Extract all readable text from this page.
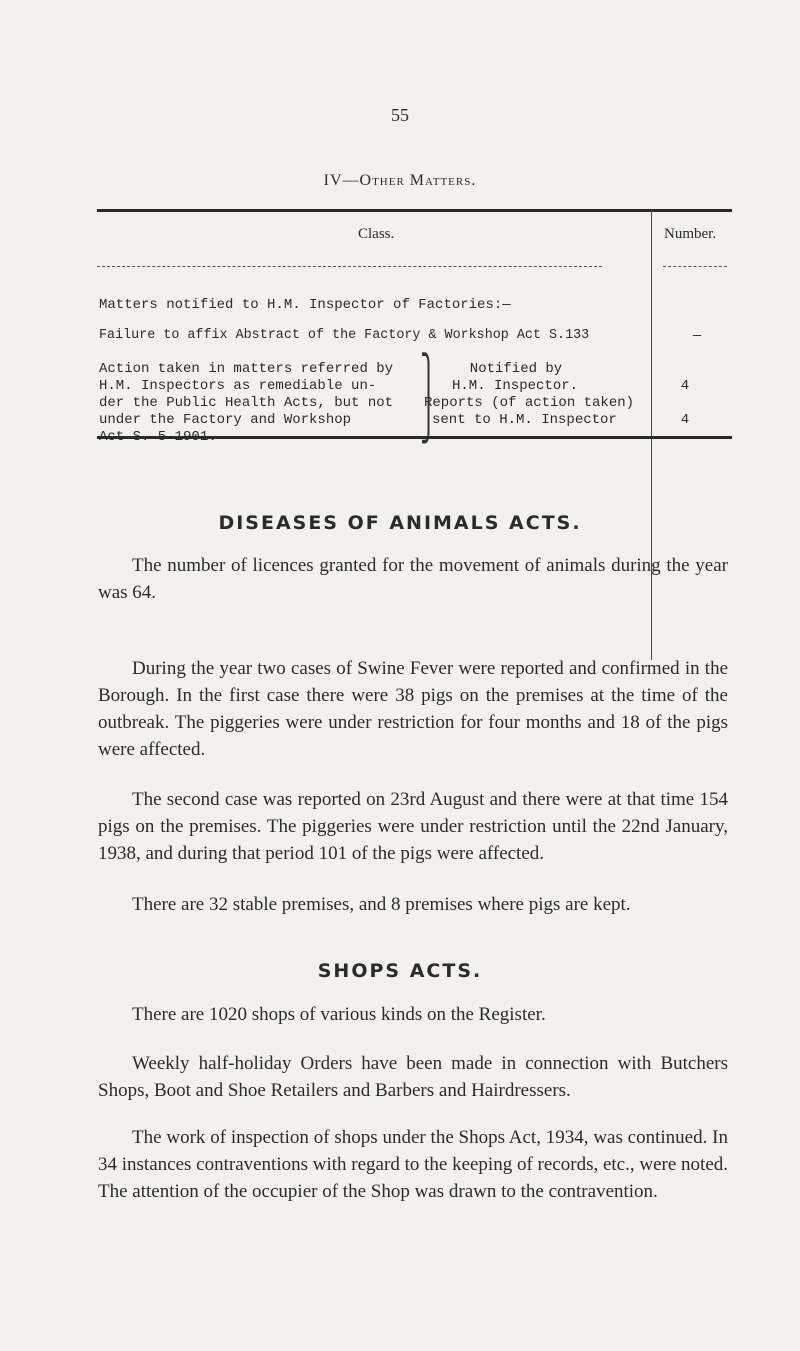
55
IV—Other Matters.
Class.	Number.
Matters notified to H.M. Inspector of Factories:—
Failure to affix Abstract of the Factory & Workshop Act S.133	—
Action taken in matters referred by
H.M. Inspectors as remediable un-
der the Public Health Acts, but not
under the Factory and Workshop
Act S. 5 1901.
⎫
⎭
Notified by
H.M. Inspector.	4
Reports (of action taken)
sent to H.M. Inspector	4
DISEASES OF ANIMALS ACTS.
The number of licences granted for the movement of animals during the year was 64.
During the year two cases of Swine Fever were reported and confirmed in the Borough. In the first case there were 38 pigs on the premises at the time of the outbreak. The piggeries were under restriction for four months and 18 of the pigs were affected.
The second case was reported on 23rd August and there were at that time 154 pigs on the premises. The piggeries were under restriction until the 22nd January, 1938, and during that period 101 of the pigs were affected.
There are 32 stable premises, and 8 premises where pigs are kept.
SHOPS ACTS.
There are 1020 shops of various kinds on the Register.
Weekly half-holiday Orders have been made in connection with Butchers Shops, Boot and Shoe Retailers and Barbers and Hairdressers.
The work of inspection of shops under the Shops Act, 1934, was continued. In 34 instances contraventions with regard to the keeping of records, etc., were noted. The attention of the occupier of the Shop was drawn to the contravention.
